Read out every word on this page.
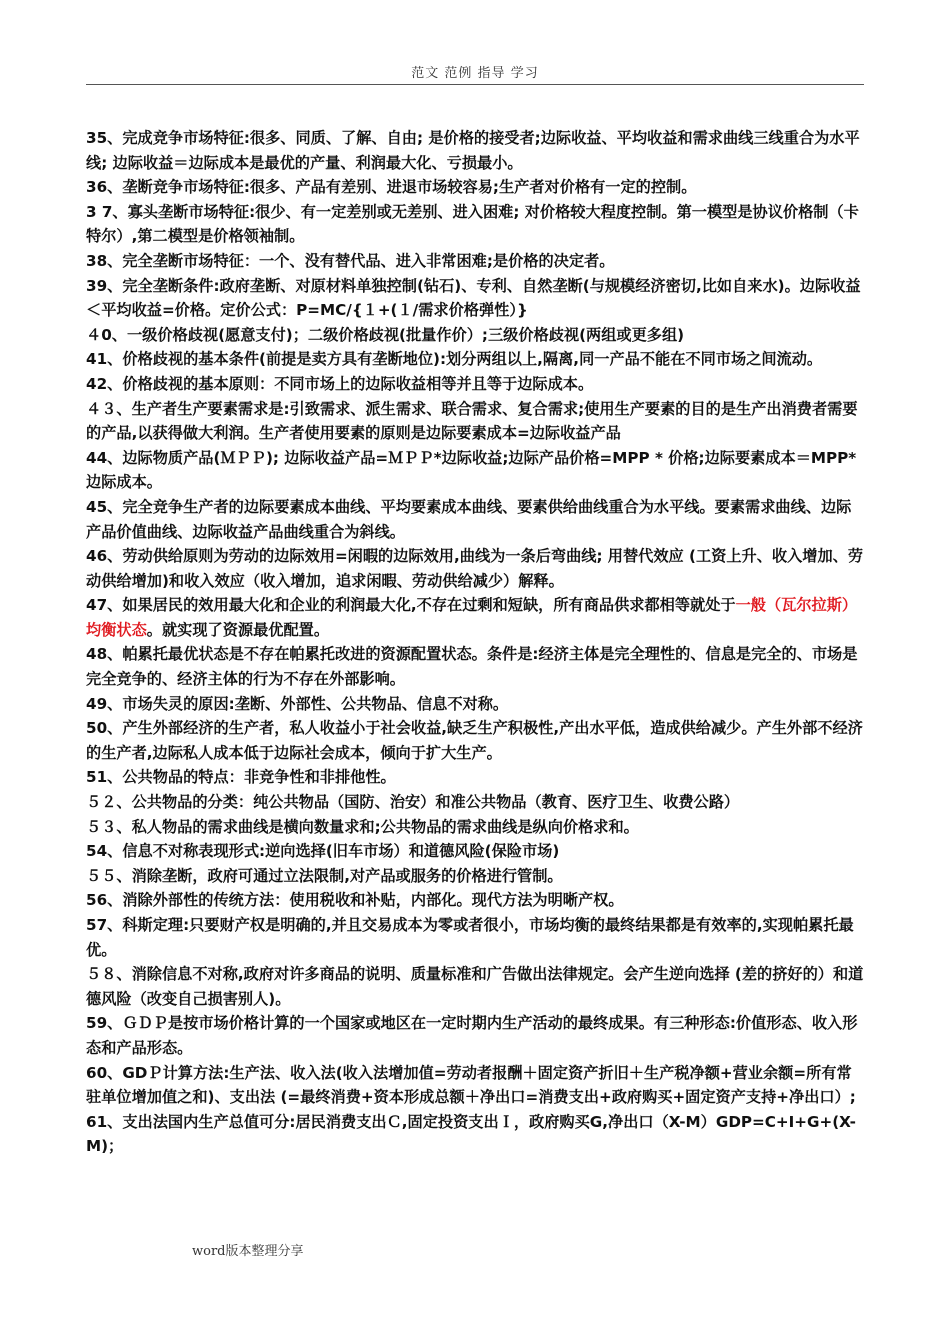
范文 范例 指导 学习

35、完成竞争市场特征:很多、同质、了解、自由; 是价格的接受者;边际收益、平均收益和需求曲线三线重合为水平线; 边际收益＝边际成本是最优的产量、利润最大化、亏损最小。

36、垄断竞争市场特征:很多、产品有差别、进退市场较容易;生产者对价格有一定的控制。

3 7、寡头垄断市场特征:很少、有一定差别或无差别、进入困难; 对价格较大程度控制。第一模型是协议价格制（卡特尔）,第二模型是价格领袖制。

38、完全垄断市场特征：一个、没有替代品、进入非常困难;是价格的决定者。

39、完全垄断条件:政府垄断、对原材料单独控制(钻石)、专利、自然垄断(与规模经济密切,比如自来水)。边际收益＜平均收益=价格。定价公式：P=MC/{１+(１/需求价格弹性）}

４0、一级价格歧视(愿意支付)；二级价格歧视(批量作价）;三级价格歧视(两组或更多组)

41、价格歧视的基本条件(前提是卖方具有垄断地位):划分两组以上,隔离,同一产品不能在不同市场之间流动。

42、价格歧视的基本原则：不同市场上的边际收益相等并且等于边际成本。

４３、生产者生产要素需求是:引致需求、派生需求、联合需求、复合需求;使用生产要素的目的是生产出消费者需要的产品,以获得做大利润。生产者使用要素的原则是边际要素成本=边际收益产品

44、边际物质产品(ＭＰＰ); 边际收益产品=ＭＰＰ*边际收益;边际产品价格=MPP * 价格;边际要素成本＝MPP*边际成本。

45、完全竞争生产者的边际要素成本曲线、平均要素成本曲线、要素供给曲线重合为水平线。要素需求曲线、边际产品价值曲线、边际收益产品曲线重合为斜线。

46、劳动供给原则为劳动的边际效用=闲暇的边际效用,曲线为一条后弯曲线; 用替代效应 (工资上升、收入增加、劳动供给增加)和收入效应（收入增加，追求闲暇、劳动供给减少）解释。

47、如果居民的效用最大化和企业的利润最大化,不存在过剩和短缺，所有商品供求都相等就处于一般（瓦尔拉斯）均衡状态。就实现了资源最优配置。

48、帕累托最优状态是不存在帕累托改进的资源配置状态。条件是:经济主体是完全理性的、信息是完全的、市场是完全竞争的、经济主体的行为不存在外部影响。

49、市场失灵的原因:垄断、外部性、公共物品、信息不对称。

50、产生外部经济的生产者，私人收益小于社会收益,缺乏生产积极性,产出水平低，造成供给减少。产生外部不经济的生产者,边际私人成本低于边际社会成本，倾向于扩大生产。

51、公共物品的特点：非竞争性和非排他性。

５２、公共物品的分类：纯公共物品（国防、治安）和准公共物品（教育、医疗卫生、收费公路）

５３、私人物品的需求曲线是横向数量求和;公共物品的需求曲线是纵向价格求和。

54、信息不对称表现形式:逆向选择(旧车市场）和道德风险(保险市场)

５５、消除垄断，政府可通过立法限制,对产品或服务的价格进行管制。

56、消除外部性的传统方法：使用税收和补贴，内部化。现代方法为明晰产权。

57、科斯定理:只要财产权是明确的,并且交易成本为零或者很小，市场均衡的最终结果都是有效率的,实现帕累托最优。

５８、消除信息不对称,政府对许多商品的说明、质量标准和广告做出法律规定。会产生逆向选择 (差的挤好的）和道德风险（改变自己损害别人)。

59、ＧＤＰ是按市场价格计算的一个国家或地区在一定时期内生产活动的最终成果。有三种形态:价值形态、收入形态和产品形态。

60、GDＰ计算方法:生产法、收入法(收入法增加值=劳动者报酬＋固定资产折旧＋生产税净额+营业余额=所有常驻单位增加值之和)、支出法 (=最终消费+资本形成总额＋净出口=消费支出+政府购买+固定资产支持+净出口）;

61、支出法国内生产总值可分:居民消费支出Ｃ,固定投资支出Ｉ，政府购买G,净出口（X-M）GDP=C+I+G+(X-M)；

word版本整理分享
